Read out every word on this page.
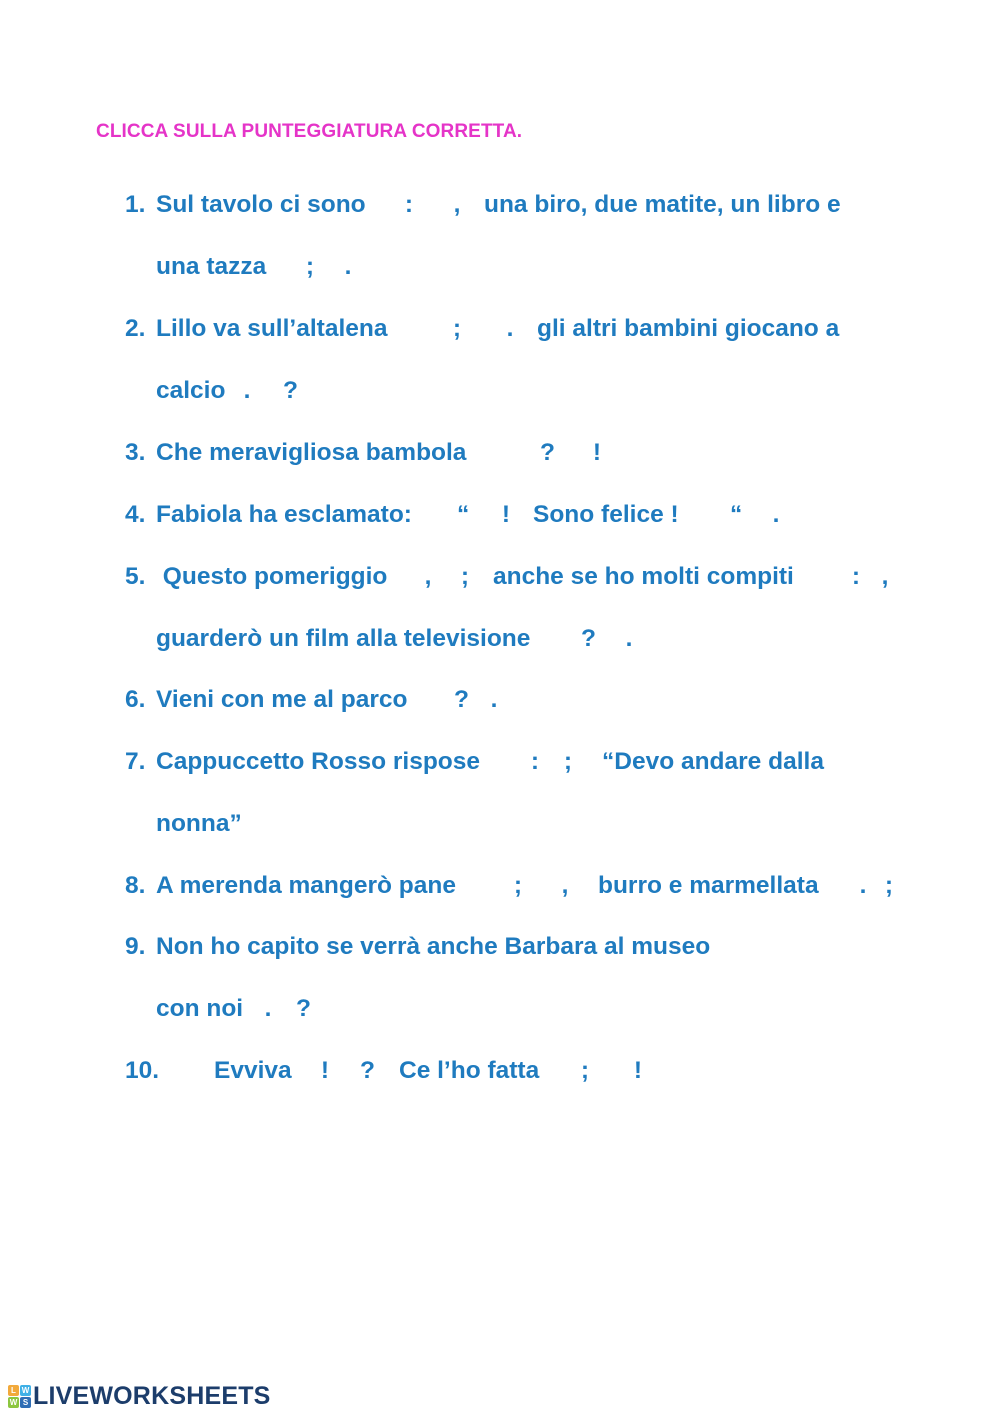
CLICCA SULLA PUNTEGGIATURA CORRETTA.
1. Sul tavolo ci sono : , una biro, due matite, un libro e
una tazza ; .
2. Lillo va sull’altalena	; . gli altri bambini giocano a
calcio . ?
3. Che meravigliosa bambola	? !
4. Fabiola ha esclamato: “ ! Sono felice ! “ .
5. Questo pomeriggio , ; anche se ho molti compiti : ,
guarderò un film alla televisione ? .
6. Vieni con me al parco ? .
7. Cappuccetto Rosso rispose : ; “Devo andare dalla
nonna”
8. A merenda mangerò pane ; , burro e marmellata . ;
9. Non ho capito se verrà anche Barbara al museo
con noi . ?
10. Evviva ! ? Ce l’ho fatta ; !
L W
W S LIVEWORKSHEETS
